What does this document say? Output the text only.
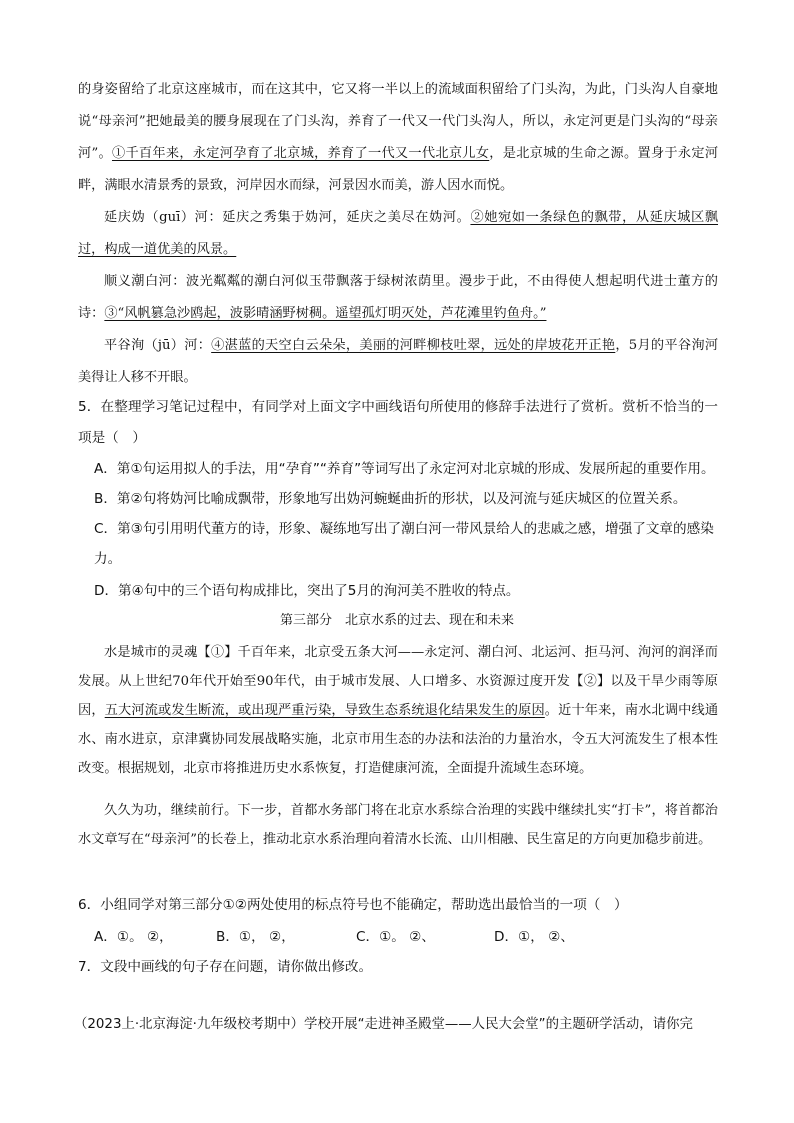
的身姿留给了北京这座城市，而在这其中，它又将一半以上的流域面积留给了门头沟，为此，门头沟人自豪地说“母亲河”把她最美的腰身展现在了门头沟，养育了一代又一代门头沟人，所以，永定河更是门头沟的“母亲河”。①千百年来，永定河孕育了北京城，养育了一代又一代北京儿女，是北京城的生命之源。置身于永定河畔，满眼水清景秀的景致，河岸因水而绿，河景因水而美，游人因水而悦。

延庆妫（guī）河：延庆之秀集于妫河，延庆之美尽在妫河。②她宛如一条绿色的飘带，从延庆城区飘过，构成一道优美的风景。

顺义潮白河：波光粼粼的潮白河似玉带飘落于绿树浓荫里。漫步于此，不由得使人想起明代进士董方的诗：③“风帆篡急沙鸥起，波影晴涵野树稠。遥望孤灯明灭处，芦花滩里钓鱼舟。”

平谷洵（jū）河：④湛蓝的天空白云朵朵，美丽的河畔柳枝吐翠，远处的岸坡花开正艳，5月的平谷洵河美得让人移不开眼。

5．在整理学习笔记过程中，有同学对上面文字中画线语句所使用的修辞手法进行了赏析。赏析不恰当的一项是（　）

A．第①句运用拟人的手法，用“孕育”“养育”等词写出了永定河对北京城的形成、发展所起的重要作用。

B．第②句将妫河比喻成飘带，形象地写出妫河蜿蜒曲折的形状，以及河流与延庆城区的位置关系。

C．第③句引用明代董方的诗，形象、凝练地写出了潮白河一带风景给人的悲戚之感，增强了文章的感染力。

D．第④句中的三个语句构成排比，突出了5月的洵河美不胜收的特点。

第三部分　北京水系的过去、现在和未来

水是城市的灵魂【①】千百年来，北京受五条大河——永定河、潮白河、北运河、拒马河、泃河的润泽而发展。从上世纪70年代开始至90年代，由于城市发展、人口增多、水资源过度开发【②】以及干旱少雨等原因，五大河流或发生断流，或出现严重污染，导致生态系统退化结果发生的原因。近十年来，南水北调中线通水、南水进京，京津冀协同发展战略实施，北京市用生态的办法和法治的力量治水，令五大河流发生了根本性改变。根据规划，北京市将推进历史水系恢复，打造健康河流，全面提升流域生态环境。

久久为功，继续前行。下一步，首都水务部门将在北京水系综合治理的实践中继续扎实“打卡”，将首都治水文章写在“母亲河”的长卷上，推动北京水系治理向着清水长流、山川相融、民生富足的方向更加稳步前进。

6．小组同学对第三部分①②两处使用的标点符号也不能确定，帮助选出最恰当的一项（　）

A．①。 ②，	B．①， ②，	C．①。 ②、	D．①， ②、

7．文段中画线的句子存在问题，请你做出修改。

（2023上·北京海淀·九年级校考期中）学校开展“走进神圣殿堂——人民大会堂”的主题研学活动，请你完
